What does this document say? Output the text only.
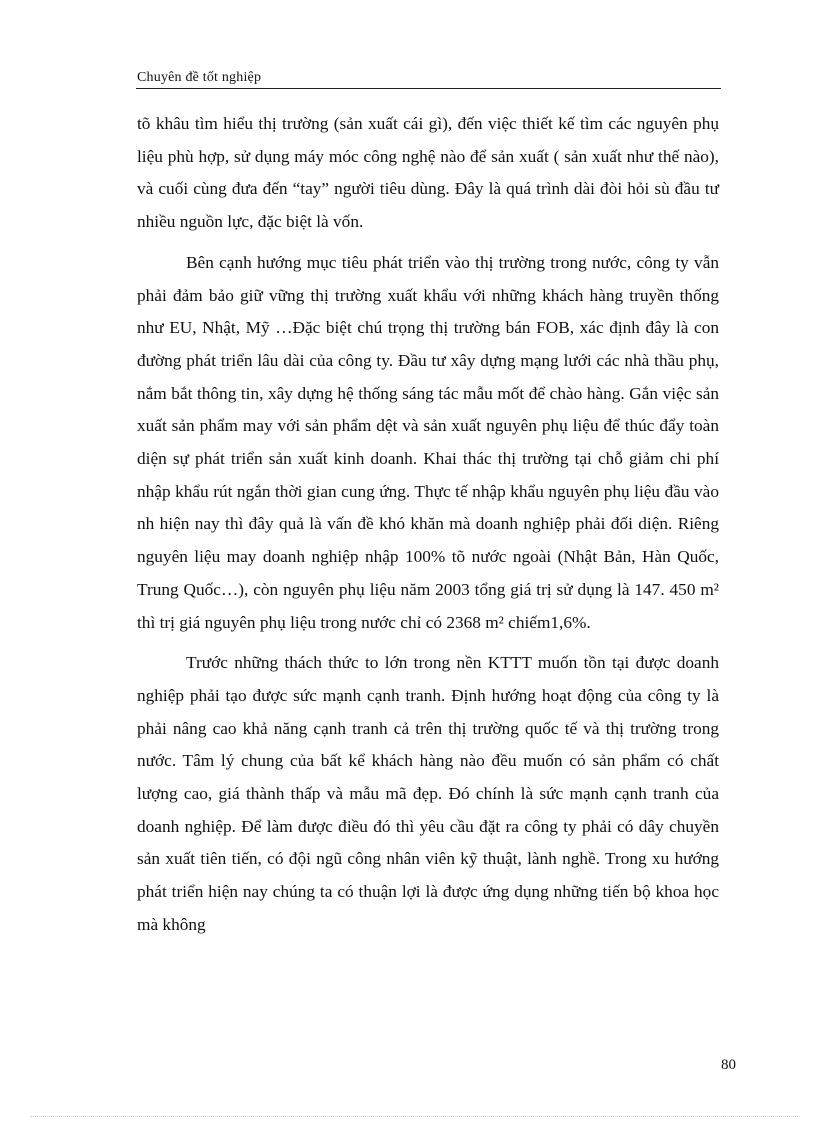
Chuyên đề tốt nghiệp

tõ khâu tìm hiểu thị trường (sản xuất cái gì), đến việc thiết kế tìm các nguyên phụ liệu phù hợp, sử dụng máy móc công nghệ nào để sản xuất ( sản xuất như thế nào), và cuối cùng đưa đến “tay” người tiêu dùng. Đây là quá trình dài đòi hỏi sù đầu tư nhiều nguồn lực, đặc biệt là vốn.

Bên cạnh hướng mục tiêu phát triển vào thị trường trong nước, công ty vẫn phải đảm bảo giữ vững thị trường xuất khẩu với những khách hàng truyền thống như EU, Nhật, Mỹ …Đặc biệt chú trọng thị trường bán FOB, xác định đây là con đường phát triển lâu dài của công ty. Đầu tư xây dựng mạng lưới các nhà thầu phụ, nắm bắt thông tin, xây dựng hệ thống sáng tác mẫu mốt để chào hàng. Gắn việc sản xuất sản phẩm may với sản phẩm dệt và sản xuất nguyên phụ liệu để thúc đẩy toàn diện sự phát triển sản xuất kinh doanh. Khai thác thị trường tại chỗ giảm chi phí nhập khẩu rút ngắn thời gian cung ứng. Thực tế nhập khẩu nguyên phụ liệu đầu vào nh hiện nay thì đây quả là vấn đề khó khăn mà doanh nghiệp phải đối diện. Riêng nguyên liệu may doanh nghiệp nhập 100% tõ nước ngoài (Nhật Bản, Hàn Quốc, Trung Quốc…), còn nguyên phụ liệu năm 2003 tổng giá trị sử dụng là 147. 450 m² thì trị giá nguyên phụ liệu trong nước chỉ có 2368 m² chiếm1,6%.

Trước những thách thức to lớn trong nền KTTT muốn tồn tại được doanh nghiệp phải tạo được sức mạnh cạnh tranh. Định hướng hoạt động của công ty là phải nâng cao khả năng cạnh tranh cả trên thị trường quốc tế và thị trường trong nước. Tâm lý chung của bất kể khách hàng nào đều muốn có sản phẩm có chất lượng cao, giá thành thấp và mẫu mã đẹp. Đó chính là sức mạnh cạnh tranh của doanh nghiệp. Để làm được điều đó thì yêu cầu đặt ra công ty phải có dây chuyền sản xuất tiên tiến, có đội ngũ công nhân viên kỹ thuật, lành nghề. Trong xu hướng phát triển hiện nay chúng ta có thuận lợi là được ứng dụng những tiến bộ khoa học mà không

80
